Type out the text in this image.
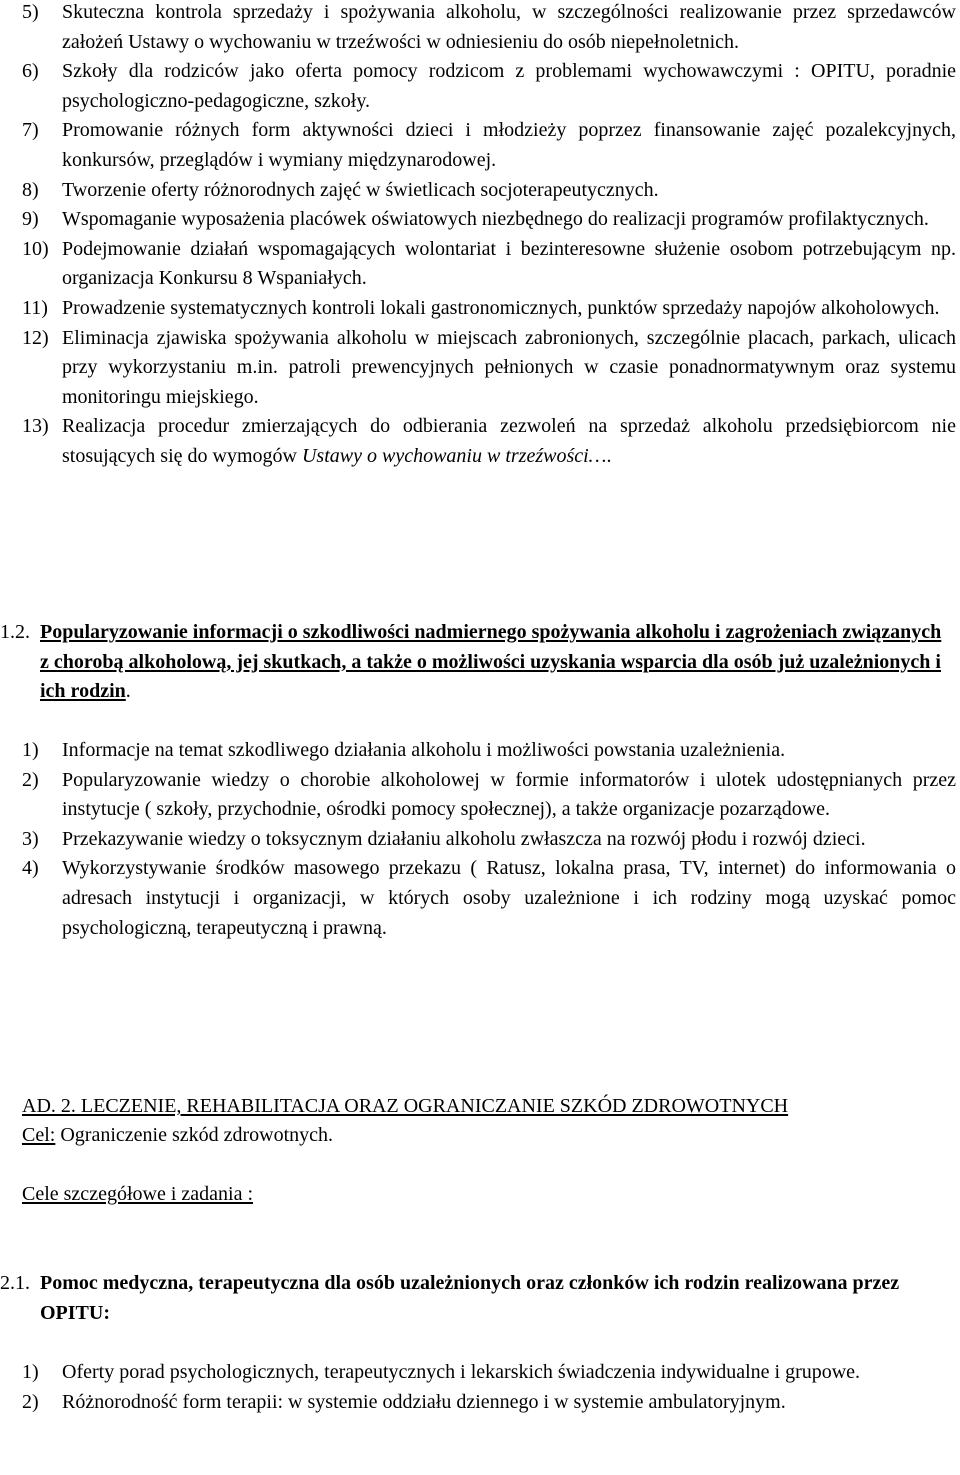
5)	Skuteczna kontrola sprzedaży i spożywania alkoholu, w szczególności realizowanie przez sprzedawców założeń Ustawy o wychowaniu w trzeźwości w odniesieniu do osób niepełnoletnich.
6)	Szkoły dla rodziców jako oferta pomocy rodzicom z problemami wychowawczymi : OPITU, poradnie psychologiczno-pedagogiczne, szkoły.
7)	Promowanie różnych form aktywności dzieci i młodzieży poprzez finansowanie zajęć pozalekcyjnych, konkursów, przeglądów i wymiany międzynarodowej.
8)	Tworzenie oferty różnorodnych zajęć w świetlicach socjoterapeutycznych.
9)	Wspomaganie wyposażenia placówek oświatowych niezbędnego do realizacji programów profilaktycznych.
10) Podejmowanie działań wspomagających wolontariat i bezinteresowne służenie osobom potrzebującym np. organizacja Konkursu 8 Wspaniałych.
11) Prowadzenie systematycznych kontroli lokali gastronomicznych, punktów sprzedaży napojów alkoholowych.
12) Eliminacja zjawiska spożywania alkoholu w miejscach zabronionych, szczególnie placach, parkach, ulicach przy wykorzystaniu m.in. patroli prewencyjnych pełnionych w czasie ponadnormatywnym oraz systemu monitoringu miejskiego.
13) Realizacja procedur zmierzających do odbierania zezwoleń na sprzedaż alkoholu przedsiębiorcom nie stosujących się do wymogów Ustawy o wychowaniu w trzeźwości….
1.2. Popularyzowanie informacji o szkodliwości nadmiernego spożywania alkoholu i zagrożeniach związanych z chorobą alkoholową, jej skutkach, a także o możliwości uzyskania wsparcia dla osób już uzależnionych i ich rodzin.
1)	Informacje na temat szkodliwego działania alkoholu i możliwości powstania uzależnienia.
2)	Popularyzowanie wiedzy o chorobie alkoholowej w formie informatorów i ulotek udostępnianych przez instytucje ( szkoły, przychodnie, ośrodki pomocy społecznej), a także organizacje pozarządowe.
3)	Przekazywanie wiedzy o toksycznym działaniu alkoholu zwłaszcza na rozwój płodu i rozwój dzieci.
4)	Wykorzystywanie środków masowego przekazu ( Ratusz, lokalna prasa, TV, internet) do informowania o adresach instytucji i organizacji, w których osoby uzależnione i ich rodziny mogą uzyskać pomoc psychologiczną, terapeutyczną i prawną.
AD. 2. LECZENIE, REHABILITACJA ORAZ OGRANICZANIE SZKÓD ZDROWOTNYCH
Cel: Ograniczenie szkód zdrowotnych.
Cele szczegółowe i zadania :
2.1. Pomoc medyczna, terapeutyczna dla osób uzależnionych oraz członków ich rodzin realizowana przez OPITU:
1)	Oferty porad psychologicznych, terapeutycznych i lekarskich świadczenia indywidualne i grupowe.
2)	Różnorodność form terapii: w systemie oddziału dziennego i w systemie ambulatoryjnym.
